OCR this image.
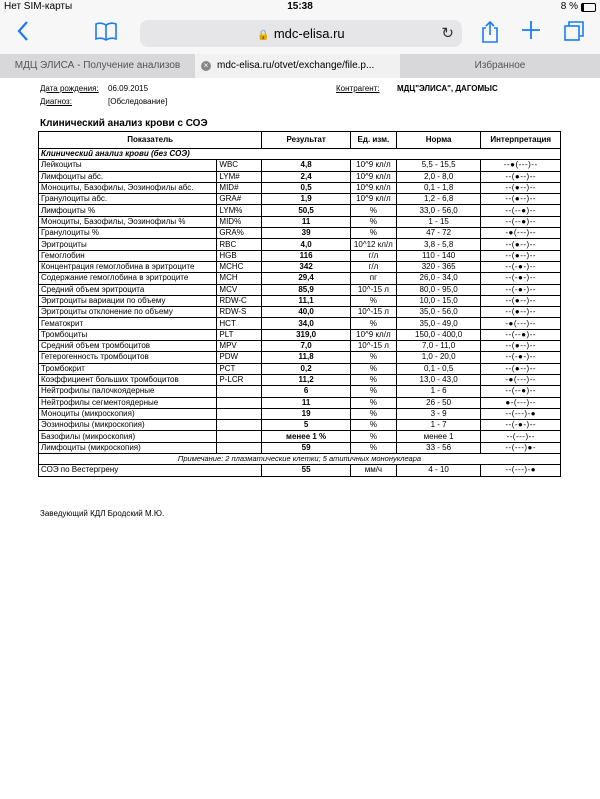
Нет SIM-карты	15:38	8 %
🔒 mdc-elisa.ru	↻
МДЦ ЭЛИСА - Получение анализов	× mdc-elisa.ru/otvet/exchange/file.p...	Избранное
Дата рождения: 06.09.2015
Диагноз:	[Обследование]
Контрагент: МДЦ"ЭЛИСА", ДАГОМЫС
Клинический анализ крови с СОЭ
Показатель		Результат	Ед. изм.	Норма	Интерпретация
Клинический анализ крови (без СОЭ)					
Лейкоциты	WBC	4,8	10^9 кл/л	5,5 - 15,5	--●(---)--
Лимфоциты абс.	LYM#	2,4	10^9 кл/л	2,0 - 8,0	--(●--)--
Моноциты, Базофилы, Эозинофилы абс.	MID#	0,5	10^9 кл/л	0,1 - 1,8	--(●--)--
Гранулоциты абс.	GRA#	1,9	10^9 кл/л	1,2 - 6,8	--(●--)--
Лимфоциты %	LYM%	50,5	%	33,0 - 56,0	--(--●)--
Моноциты, Базофилы, Эозинофилы %	MID%	11	%	1 - 15	--(--●)--
Гранулоциты %	GRA%	39	%	47 - 72	-●(---)--
Эритроциты	RBC	4,0	10^12 кл/л	3,8 - 5,8	--(●--)--
Гемоглобин	HGB	116	г/л	110 - 140	--(●--)--
Концентрация гемоглобина в эритроците	MCHC	342	г/л	320 - 365	--(-●-)--
Содержание гемоглобина в эритроците	MCH	29,4	пг	26,0 - 34,0	--(-●-)--
Средний объем эритроцита	MCV	85,9	10^-15 л	80,0 - 95,0	--(-●-)--
Эритроциты вариации по объему	RDW-C	11,1	%	10,0 - 15,0	--(●--)--
Эритроциты отклонение по объему	RDW-S	40,0	10^-15 л	35,0 - 56,0	--(●--)--
Гематокрит	HCT	34,0	%	35,0 - 49,0	-●(---)--
Тромбоциты	PLT	319,0	10^9 кл/л	150,0 - 400,0	--(--●)--
Средний объем тромбоцитов	MPV	7,0	10^-15 л	7,0 - 11,0	--(●--)--
Гетерогенность тромбоцитов	PDW	11,8	%	1,0 - 20,0	--(-●-)--
Тромбокрит	PCT	0,2	%	0,1 - 0,5	--(●--)--
Коэффициент больших тромбоцитов	P-LCR	11,2	%	13,0 - 43,0	-●(---)--
Нейтрофилы палочкоядерные		6	%	1 - 6	--(--●)--
Нейтрофилы сегментоядерные		11	%	26 - 50	●-(---)--
Моноциты (микроскопия)		19	%	3 - 9	--(---)-●
Эозинофилы (микроскопия)		5	%	1 - 7	--(-●-)--
Базофилы (микроскопия)		менее 1 %	%	менее 1	--(---)--
Лимфоциты (микроскопия)		59	%	33 - 56	--(---)●-
Примечание: 2 плазматические клетки; 5 атипичных мононуклеара					
СОЭ по Вестергрену		55	мм/ч	4 - 10	--(---)-●
Заведующий КДЛ Бродский М.Ю.
